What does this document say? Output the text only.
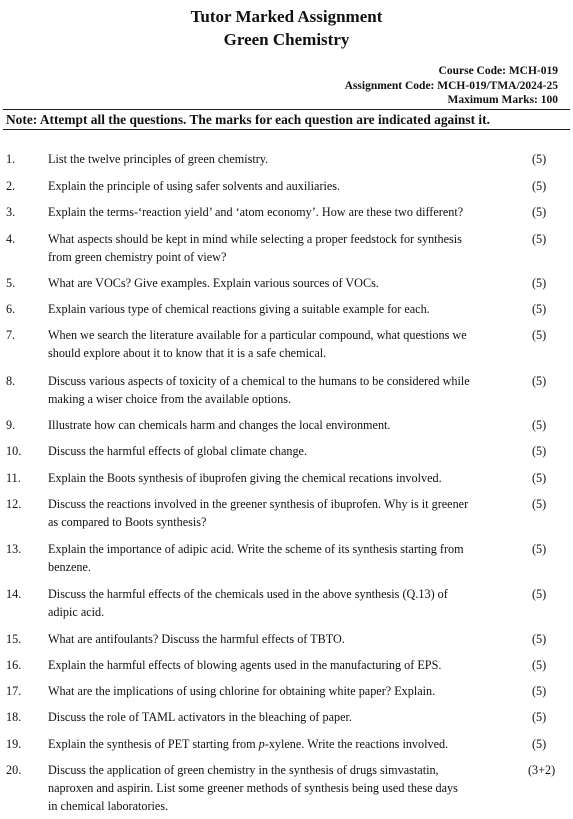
Tutor Marked Assignment
Green Chemistry
Course Code: MCH-019
Assignment Code: MCH-019/TMA/2024-25
Maximum Marks: 100
Note: Attempt all the questions. The marks for each question are indicated against it.
1.	List the twelve principles of green chemistry.	(5)
2.	Explain the principle of using safer solvents and auxiliaries.	(5)
3.	Explain the terms-‘reaction yield’ and ‘atom economy’. How are these two different?	(5)
4.	What aspects should be kept in mind while selecting a proper feedstock for synthesis
from green chemistry point of view?
(5)
5.	What are VOCs? Give examples. Explain various sources of VOCs.	(5)
6.	Explain various type of chemical reactions giving a suitable example for each.	(5)
7.	When we search the literature available for a particular compound, what questions we
should explore about it to know that it is a safe chemical.
(5)
8.	Discuss various aspects of toxicity of a chemical to the humans to be considered while
making a wiser choice from the available options.
(5)
9.	Illustrate how can chemicals harm and changes the local environment.	(5)
10. Discuss the harmful effects of global climate change.	(5)
11. Explain the Boots synthesis of ibuprofen giving the chemical recations involved.	(5)
12. Discuss the reactions involved in the greener synthesis of ibuprofen. Why is it greener
as compared to Boots synthesis?
(5)
13. Explain the importance of adipic acid. Write the scheme of its synthesis starting from
benzene.
(5)
14. Discuss the harmful effects of the chemicals used in the above synthesis (Q.13) of
adipic acid.
(5)
15. What are antifoulants? Discuss the harmful effects of TBTO.	(5)
16. Explain the harmful effects of blowing agents used in the manufacturing of EPS.	(5)
17. What are the implications of using chlorine for obtaining white paper? Explain.	(5)
18. Discuss the role of TAML activators in the bleaching of paper.	(5)
19. Explain the synthesis of PET starting from p-xylene. Write the reactions involved.	(5)
20. Discuss the application of green chemistry in the synthesis of drugs simvastatin,
naproxen and aspirin. List some greener methods of synthesis being used these days
in chemical laboratories.
(3+2)
